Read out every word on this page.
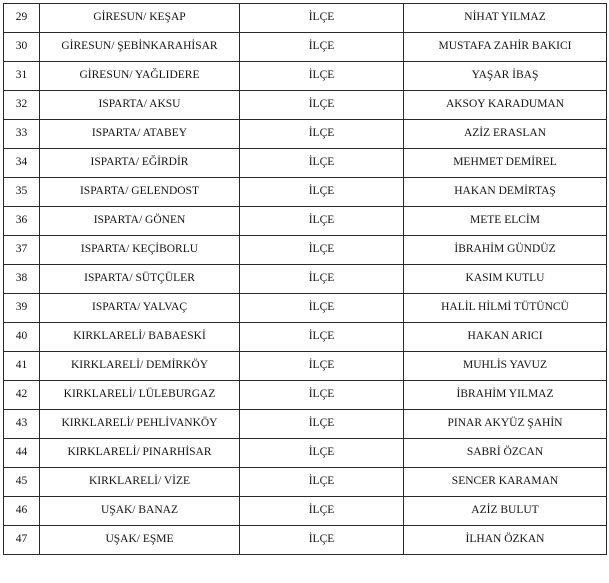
29	GİRESUN/ KEŞAP	İLÇE	NİHAT YILMAZ
30	GİRESUN/ ŞEBİNKARAHİSAR	İLÇE	MUSTAFA ZAHİR BAKICI
31	GİRESUN/ YAĞLIDERE	İLÇE	YAŞAR İBAŞ
32	ISPARTA/ AKSU	İLÇE	AKSOY KARADUMAN
33	ISPARTA/ ATABEY	İLÇE	AZİZ ERASLAN
34	ISPARTA/ EĞİRDİR	İLÇE	MEHMET DEMİREL
35	ISPARTA/ GELENDOST	İLÇE	HAKAN DEMİRTAŞ
36	ISPARTA/ GÖNEN	İLÇE	METE ELCİM
37	ISPARTA/ KEÇİBORLU	İLÇE	İBRAHİM GÜNDÜZ
38	ISPARTA/ SÜTÇÜLER	İLÇE	KASIM KUTLU
39	ISPARTA/ YALVAÇ	İLÇE	HALİL HİLMİ TÜTÜNCÜ
40	KIRKLARELİ/ BABAESKİ	İLÇE	HAKAN ARICI
41	KIRKLARELİ/ DEMİRKÖY	İLÇE	MUHLİS YAVUZ
42	KIRKLARELİ/ LÜLEBURGAZ	İLÇE	İBRAHİM YILMAZ
43	KIRKLARELİ/ PEHLİVANKÖY	İLÇE	PINAR AKYÜZ ŞAHİN
44	KIRKLARELİ/ PINARHİSAR	İLÇE	SABRİ ÖZCAN
45	KIRKLARELİ/ VİZE	İLÇE	SENCER KARAMAN
46	UŞAK/ BANAZ	İLÇE	AZİZ BULUT
47	UŞAK/ EŞME	İLÇE	İLHAN ÖZKAN
